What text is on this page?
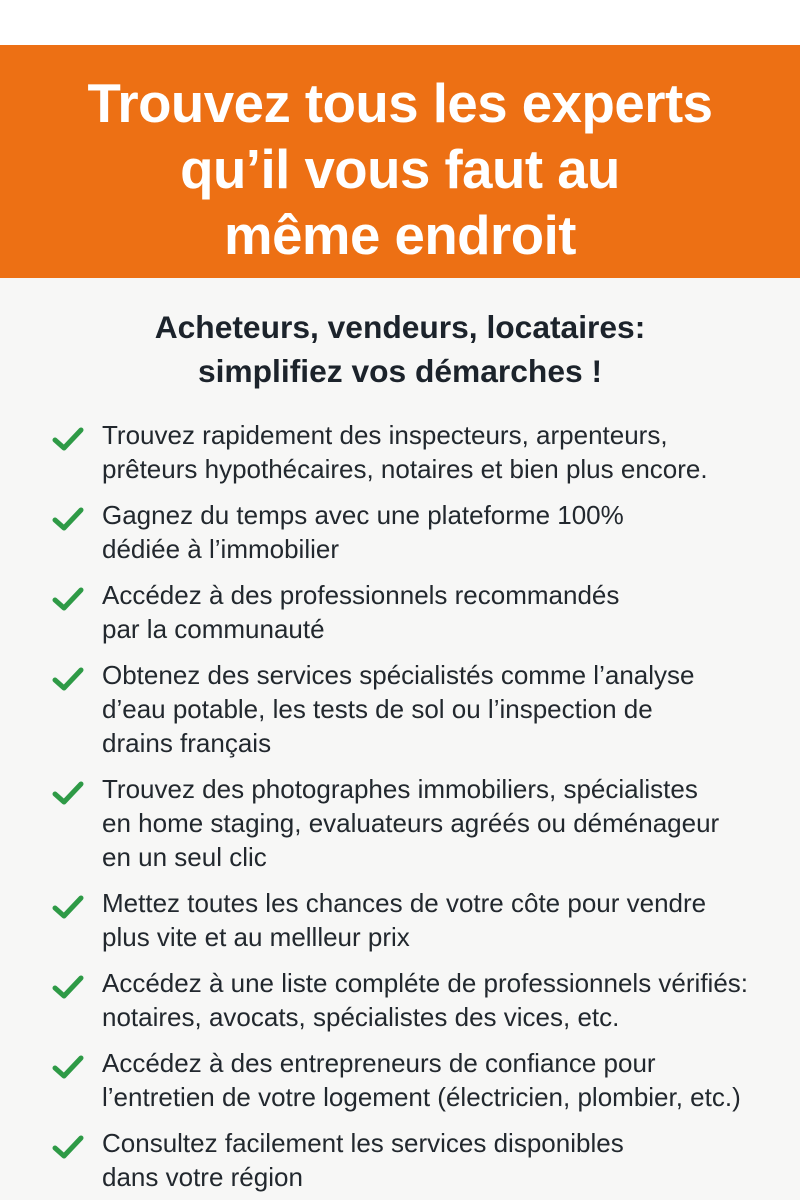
Trouvez tous les experts
qu’il vous faut au
même endroit
Acheteurs, vendeurs, locataires:
simplifiez vos démarches !
Trouvez rapidement des inspecteurs, arpenteurs,
prêteurs hypothécaires, notaires et bien plus encore.
Gagnez du temps avec une plateforme 100%
dédiée à l’immobilier
Accédez à des professionnels recommandés
par la communauté
Obtenez des services spécialistés comme l’analyse
d’eau potable, les tests de sol ou l’inspection de
drains français
Trouvez des photographes immobiliers, spécialistes
en home staging, evaluateurs agréés ou déménageur
en un seul clic
Mettez toutes les chances de votre côte pour vendre
plus vite et au mellleur prix
Accédez à une liste compléte de professionnels vérifiés:
notaires, avocats, spécialistes des vices, etc.
Accédez à des entrepreneurs de confiance pour
l’entretien de votre logement (électricien, plombier, etc.)
Consultez facilement les services disponibles
dans votre région
